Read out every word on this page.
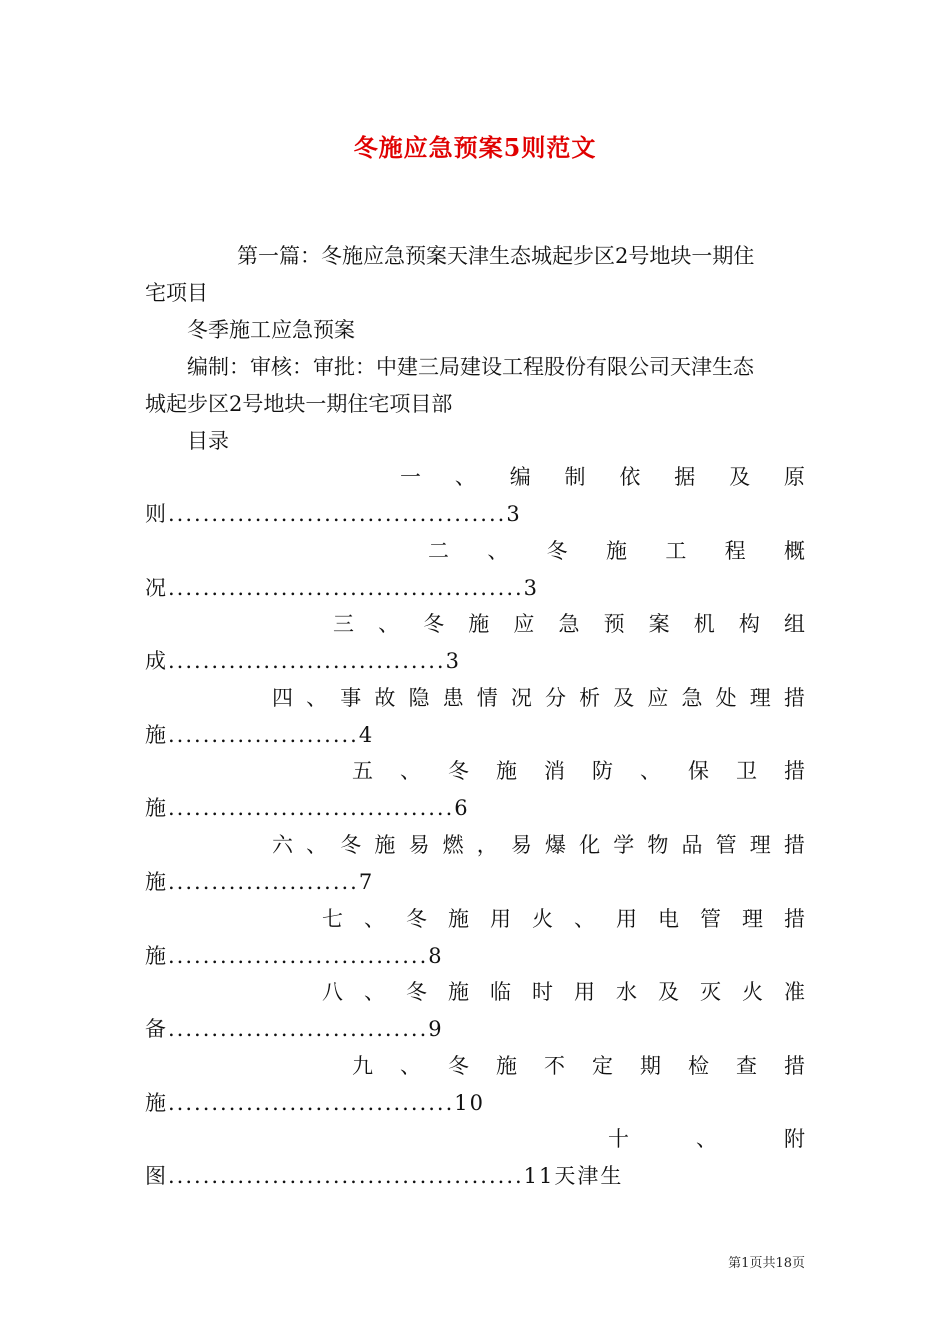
冬施应急预案5则范文
第一篇：冬施应急预案天津生态城起步区2号地块一期住
宅项目
冬季施工应急预案
编制：审核：审批：中建三局建设工程股份有限公司天津生态
城起步区2号地块一期住宅项目部
目录
一 、 编 制 依 据 及 原
则.......................................3
二 、 冬 施 工 程 概
况.........................................3
三 、 冬 施 应 急 预 案 机 构 组
成................................3
四 、 事 故 隐 患 情 况 分 析 及 应 急 处 理 措
施......................4
五 、 冬 施 消 防 、 保 卫 措
施.................................6
六 、 冬 施 易 燃 ， 易 爆 化 学 物 品 管 理 措
施......................7
七 、 冬 施 用 火 、 用 电 管 理 措
施..............................8
八 、 冬 施 临 时 用 水 及 灭 火 准
备..............................9
九 、 冬 施 不 定 期 检 查 措
施.................................10
十	、	附
图.........................................11天津生
第1页共18页
